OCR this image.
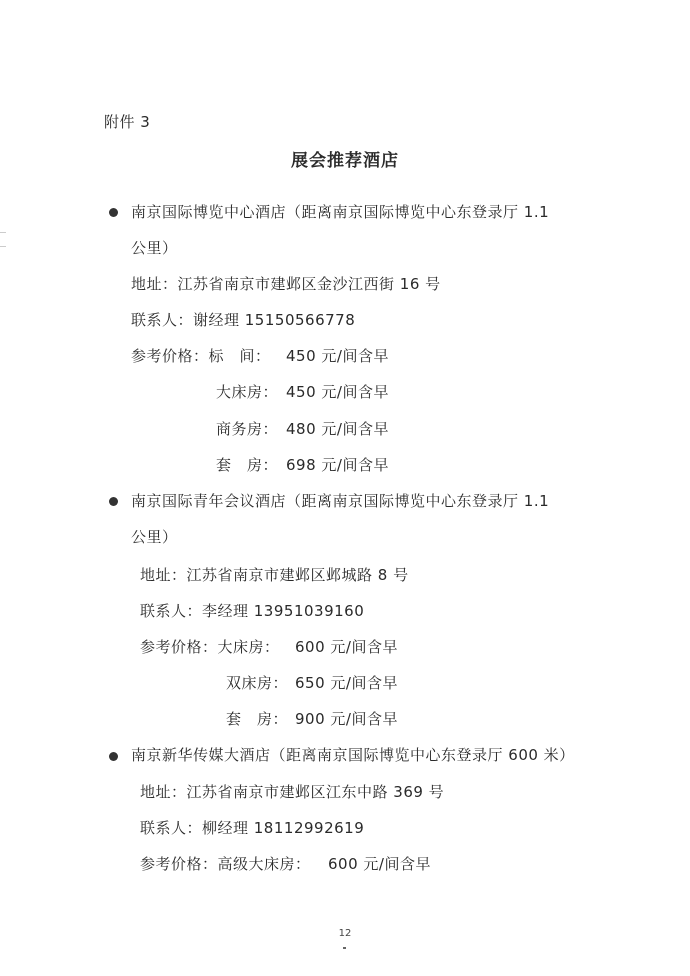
附件 3
展会推荐酒店
南京国际博览中心酒店（距离南京国际博览中心东登录厅 1.1
公里）
地址：江苏省南京市建邺区金沙江西街 16 号
联系人：谢经理 15150566778
参考价格：标　间： 450 元/间含早
大床房： 450 元/间含早
商务房： 480 元/间含早
套　房： 698 元/间含早
南京国际青年会议酒店（距离南京国际博览中心东登录厅 1.1
公里）
地址：江苏省南京市建邺区邺城路 8 号
联系人：李经理 13951039160
参考价格：大床房： 600 元/间含早
双床房： 650 元/间含早
套　房： 900 元/间含早
南京新华传媒大酒店（距离南京国际博览中心东登录厅 600 米）
地址：江苏省南京市建邺区江东中路 369 号
联系人：柳经理 18112992619
参考价格：高级大床房： 600 元/间含早
12
